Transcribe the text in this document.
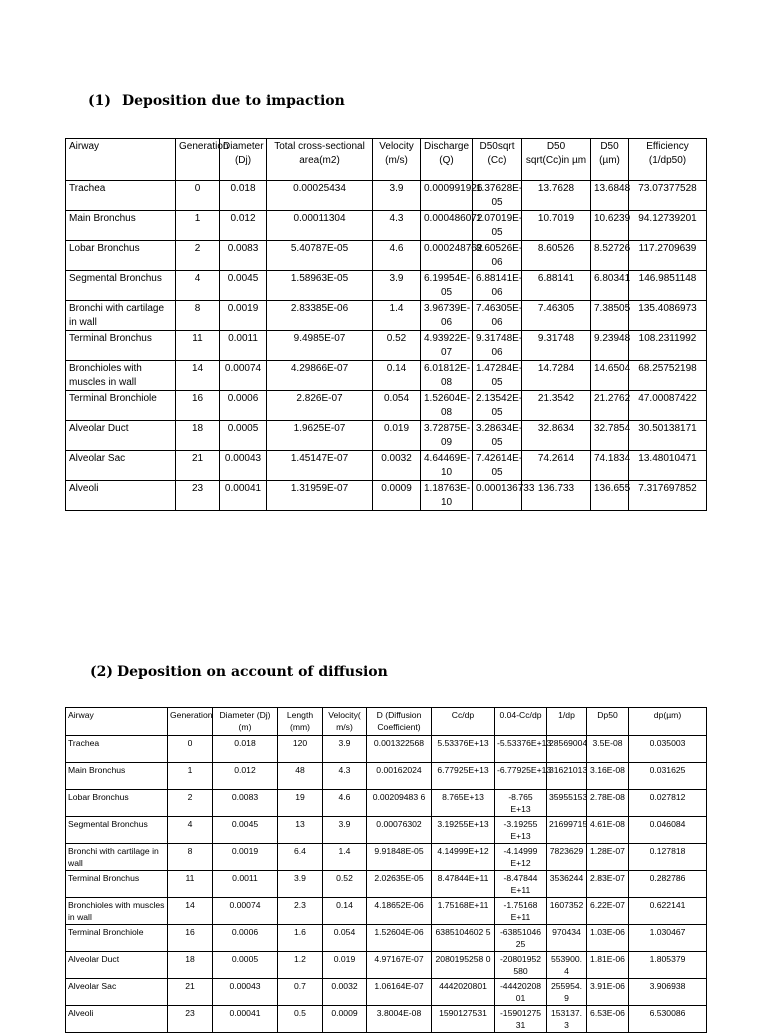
(1) Deposition due to impaction
Airway	Generation	Diameter (Dj)	Total cross-sectional area(m2)	Velocity (m/s)	Discharge (Q)	D50sqrt (Cc)	D50 sqrt(Cc)in µm	D50 (µm)	Efficiency (1/dp50)
Trachea	0	0.018	0.00025434	3.9	0.000991926	1.37628E-05	13.7628	13.6848	73.07377528
Main Bronchus	1	0.012	0.00011304	4.3	0.000486072	1.07019E-05	10.7019	10.6239	94.12739201
Lobar Bronchus	2	0.0083	5.40787E-05	4.6	0.000248762	8.60526E-06	8.60526	8.52726	117.2709639
Segmental Bronchus	4	0.0045	1.58963E-05	3.9	6.19954E-05	6.88141E-06	6.88141	6.80341	146.9851148
Bronchi with cartilage in wall	8	0.0019	2.83385E-06	1.4	3.96739E-06	7.46305E-06	7.46305	7.38505	135.4086973
Terminal Bronchus	11	0.0011	9.4985E-07	0.52	4.93922E-07	9.31748E-06	9.31748	9.23948	108.2311992
Bronchioles with muscles in wall	14	0.00074	4.29866E-07	0.14	6.01812E-08	1.47284E-05	14.7284	14.6504	68.25752198
Terminal Bronchiole	16	0.0006	2.826E-07	0.054	1.52604E-08	2.13542E-05	21.3542	21.2762	47.00087422
Alveolar Duct	18	0.0005	1.9625E-07	0.019	3.72875E-09	3.28634E-05	32.8634	32.7854	30.50138171
Alveolar Sac	21	0.00043	1.45147E-07	0.0032	4.64469E-10	7.42614E-05	74.2614	74.1834	13.48010471
Alveoli	23	0.00041	1.31959E-07	0.0009	1.18763E-10	0.000136733	136.733	136.655	7.317697852
(2) Deposition on account of diffusion
Airway	Generation	Diameter (Dj) (m)	Length (mm)	Velocity( m/s)	D (Diffusion Coefficient)	Cc/dp	0.04-Cc/dp	1/dp	Dp50	dp(µm)
Trachea	0	0.018	120	3.9	0.001322568	5.53376E+13	-5.53376E+13	28569004	3.5E-08	0.035003
Main Bronchus	1	0.012	48	4.3	0.00162024	6.77925E+13	-6.77925E+13	31621013	3.16E-08	0.031625
Lobar Bronchus	2	0.0083	19	4.6	0.00209483 6	8.765E+13	-8.765 E+13	35955153	2.78E-08	0.027812
Segmental Bronchus	4	0.0045	13	3.9	0.00076302	3.19255E+13	-3.19255 E+13	21699715	4.61E-08	0.046084
Bronchi with cartilage in wall	8	0.0019	6.4	1.4	9.91848E-05	4.14999E+12	-4.14999 E+12	7823629	1.28E-07	0.127818
Terminal Bronchus	11	0.0011	3.9	0.52	2.02635E-05	8.47844E+11	-8.47844 E+11	3536244	2.83E-07	0.282786
Bronchioles with muscles in wall	14	0.00074	2.3	0.14	4.18652E-06	1.75168E+11	-1.75168 E+11	1607352	6.22E-07	0.622141
Terminal Bronchiole	16	0.0006	1.6	0.054	1.52604E-06	6385104602 5	-63851046 25	970434	1.03E-06	1.030467
Alveolar Duct	18	0.0005	1.2	0.019	4.97167E-07	2080195258 0	-20801952 580	553900. 4	1.81E-06	1.805379
Alveolar Sac	21	0.00043	0.7	0.0032	1.06164E-07	4442020801	-44420208 01	255954. 9	3.91E-06	3.906938
Alveoli	23	0.00041	0.5	0.0009	3.8004E-08	1590127531	-15901275 31	153137. 3	6.53E-06	6.530086
